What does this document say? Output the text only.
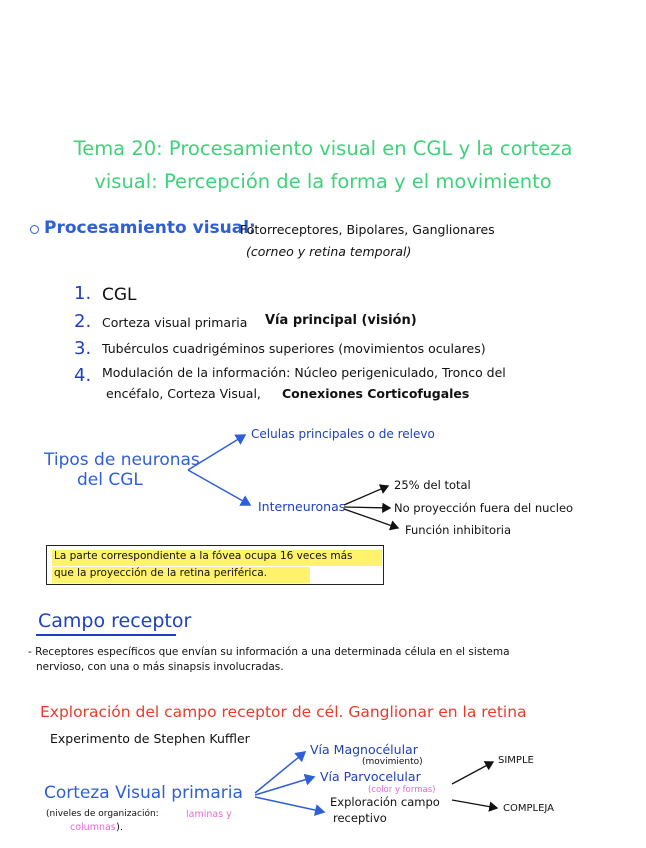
Tema 20: Procesamiento visual en CGL y la corteza
visual: Percepción de la forma y el movimiento
Procesamiento visual:
Fotorreceptores, Bipolares, Ganglionares
(corneo y retina temporal)
1. CGL
2. Corteza visual primaria Vía principal (visión)
3. Tubérculos cuadrigéminos superiores (movimientos oculares)
4. Modulación de la información: Núcleo perigeniculado, Tronco del
encéfalo, Corteza Visual, Conexiones Corticofugales
Tipos de neuronas
del CGL
Celulas principales o de relevo
Interneuronas
25% del total
No proyección fuera del nucleo
Función inhibitoria
La parte correspondiente a la fóvea ocupa 16 veces más
que la proyección de la retina periférica.
Campo receptor
- Receptores específicos que envían su información a una determinada célula en el sistema
nervioso, con una o más sinapsis involucradas.
Exploración del campo receptor de cél. Ganglionar en la retina
Experimento de Stephen Kuffler
Corteza Visual primaria
(niveles de organización:	laminas y
columnas ).
Vía Magnocélular
(movimiento)
Vía Parvocelular
(color y formas)
Exploración campo
receptivo
SIMPLE
COMPLEJA
